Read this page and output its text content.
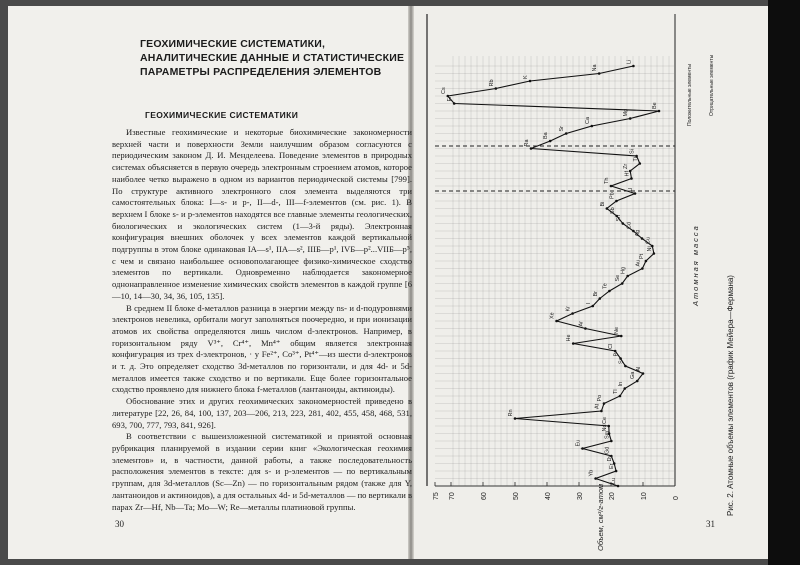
ГЕОХИМИЧЕСКИЕ СИСТЕМАТИКИ,
АНАЛИТИЧЕСКИЕ ДАННЫЕ И СТАТИСТИЧЕСКИЕ
ПАРАМЕТРЫ РАСПРЕДЕЛЕНИЯ ЭЛЕМЕНТОВ
ГЕОХИМИЧЕСКИЕ СИСТЕМАТИКИ

Известные геохимические и некоторые биохимические закономерности верхней части и поверхности Земли наилучшим образом согласуются с периодическим законом Д. И. Менделеева. Поведение элементов в природных системах объясняется в первую очередь электронным строением атомов, которое наиболее четко выражено в одном из вариантов периодической системы [799]. По структуре активного электронного слоя элемента выделяются три самостоятельных блока: I—s- и p-, II—d-, III—f-элементов (см. рис. 1). В верхнем I блоке s- и p-элементов находятся все главные элементы геологических, биологических и экологических систем (1—3-й ряды). Электронная конфигурация внешних оболочек у всех элементов каждой вертикальной подгруппы в этом блоке одинаковая IA—s¹, IIA—s², IIIБ—p¹, IVБ—p²...VIIБ—p⁵, с чем и связано наибольшее основополагающее физико-химическое сходство элементов по вертикали. Одновременно наблюдается закономерное однонаправленное изменение химических свойств элементов в каждой группе [6—10, 14—30, 34, 36, 105, 135].

В среднем II блоке d-металлов разница в энергии между ns- и d-подуровнями электронов невелика, орбитали могут заполняться поочередно, и при ионизации атомов их свойства определяются лишь числом d-электронов. Например, в горизонтальном ряду V³⁺, Cr⁴⁺, Mn⁴⁺ общим является электронная конфигурация из трех d-электронов, · у Fe²⁺, Co³⁺, Pt⁴⁺—из шести d-электронов и т. д. Это определяет сходство 3d-металлов по горизонтали, и для 4d- и 5d-металлов имеется также сходство и по вертикали. Еще более горизонтальное сходство проявлено для нижнего блока f-металлов (лантаноиды, актиноиды).

Обоснование этих и других геохимических закономерностей приведено в литературе [22, 26, 84, 100, 137, 203—206, 213, 223, 281, 402, 455, 458, 468, 531, 693, 700, 777, 793, 841, 926].

В соответствии с вышеизложенной систематикой и принятой основная рубрикация планируемой в издании серии книг «Экологическая геохимия элементов» и, в частности, данной работы, а также последовательность расположения элементов в тексте: для s- и p-элементов — по вертикальным группам, для 3d-металлов (Sc—Zn) — по горизонтальным рядом (также для Y, лантаноидов и актиноидов), а для остальных 4d- и 5d-металлов — по вертикали в парах Zr—Hf, Nb—Ta; Mo—W; Re—металлы платиновой группы.

30	31
75 70	60	50	40	30	20	10	0
Li
Na
K
Rb
Cs
Fr
Be
Mg
Ca
Sr
Ba
Ra
Si
Ti
Zr
Hf
Th
U
Pb
Bi
Sb
Sn
Cd
Ag
Cu
Ni
Pt
Au
Hg
Se
Te
Br
I
Kr
Xe
Ar
Ne
He
Cl
P
S
Al
Ga
In
Tl
Po
At
Rn
Ce
Nd
Sm
Eu
Gd
Dy
Er
Yb
Lu
Объем, см³/г-атом
Атомная масса
Положительные элементы	Отрицательные элементы
Рис. 2. Атомные объемы элементов (график Мейера—Фермана)
